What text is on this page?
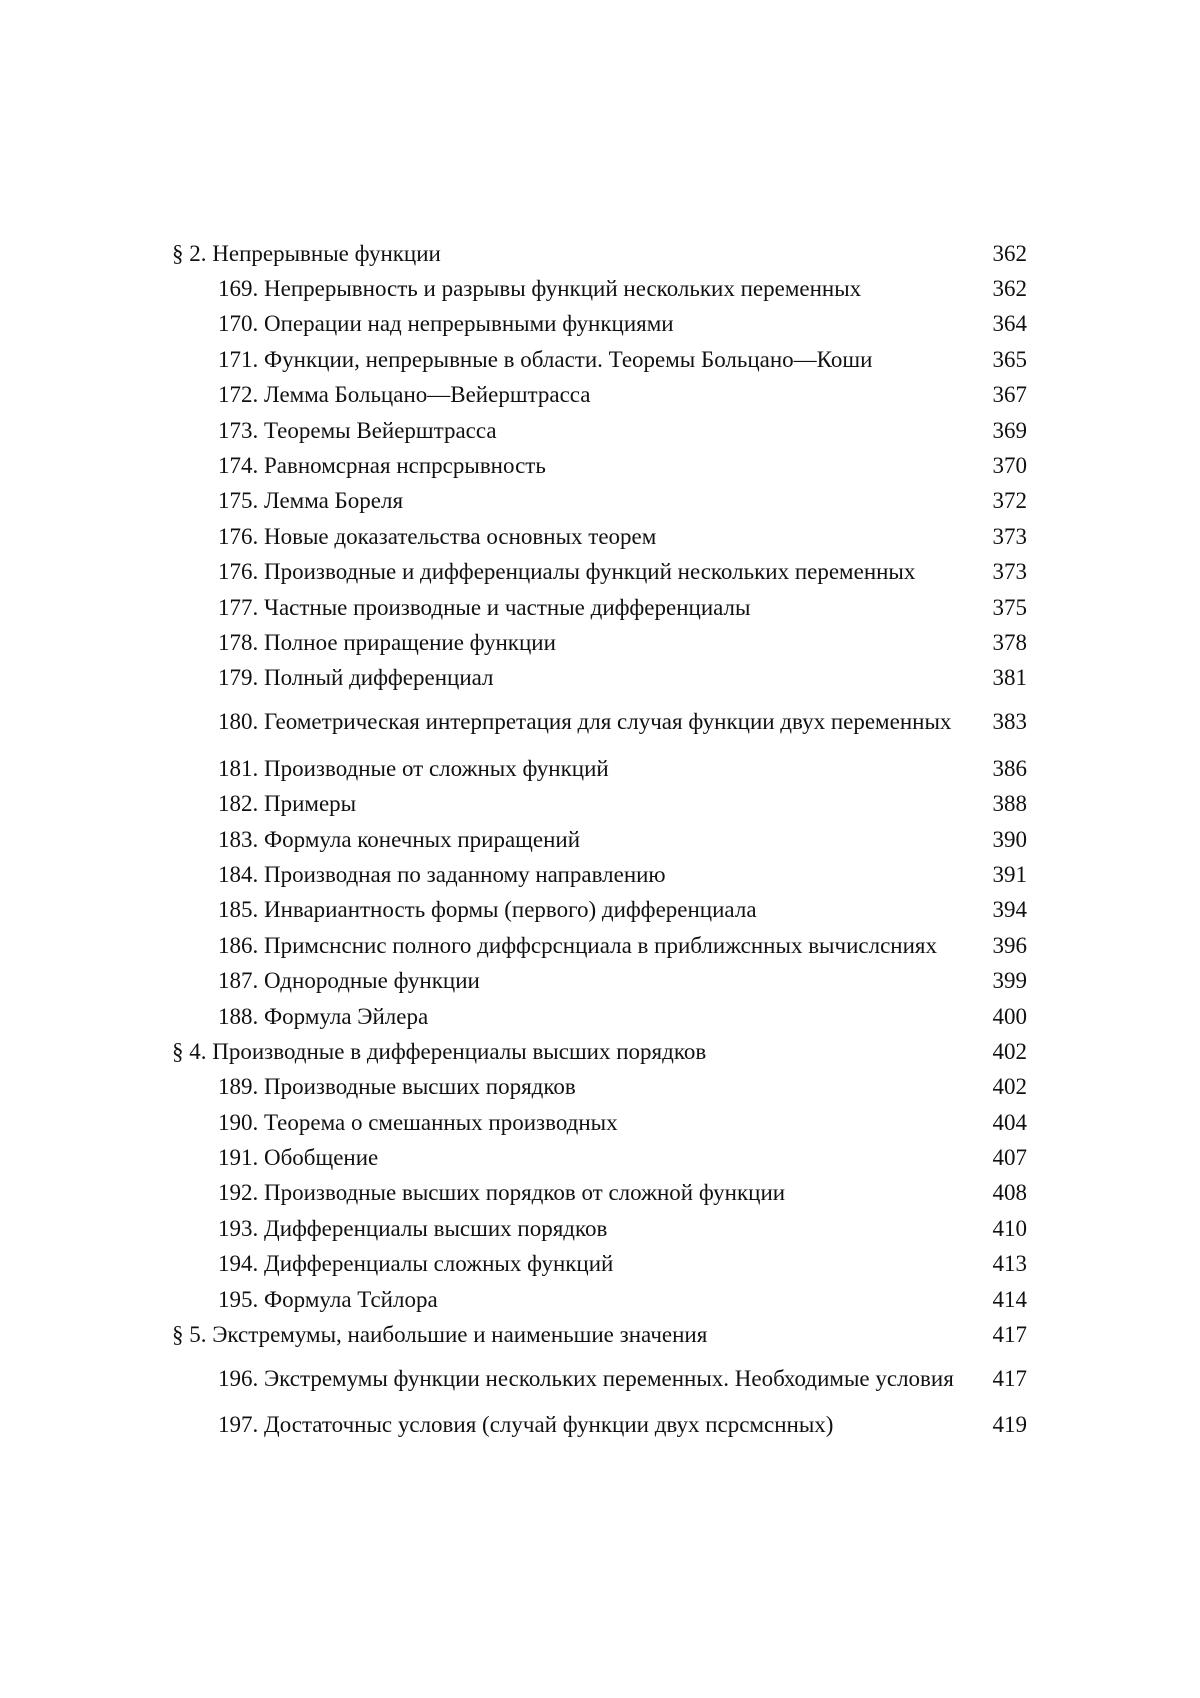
§ 2. Непрерывные функции	362
169. Непрерывность и разрывы функций нескольких переменных	362
170. Операции над непрерывными функциями	364
171. Функции, непрерывные в области. Теоремы Больцано—Коши	365
172. Лемма Больцано—Вейерштрасса	367
173. Теоремы Вейерштрасса	369
174. Равномсрная нспрсрывность	370
175. Лемма Бореля	372
176. Новые доказательства основных теорем	373
176. Производные и дифференциалы функций нескольких переменных	373
177. Частные производные и частные дифференциалы	375
178. Полное приращение функции	378
179. Полный дифференциал	381
180. Геометрическая интерпретация для случая функции двух переменных	383
181. Производные от сложных функций	386
182. Примеры	388
183. Формула конечных приращений	390
184. Производная по заданному направлению	391
185. Инвариантность формы (первого) дифференциала	394
186. Примснснис полного диффсрснциала в приближснных вычислсниях	396
187. Однородные функции	399
188. Формула Эйлера	400
§ 4. Производные в дифференциалы высших порядков	402
189. Производные высших порядков	402
190. Теорема о смешанных производных	404
191. Обобщение	407
192. Производные высших порядков от сложной функции	408
193. Дифференциалы высших порядков	410
194. Дифференциалы сложных функций	413
195. Формула Тсйлора	414
§ 5. Экстремумы, наибольшие и наименьшие значения	417
196. Экстремумы функции нескольких переменных. Необходимые условия	417
197. Достаточныс условия (случай функции двух псрсмснных)	419
